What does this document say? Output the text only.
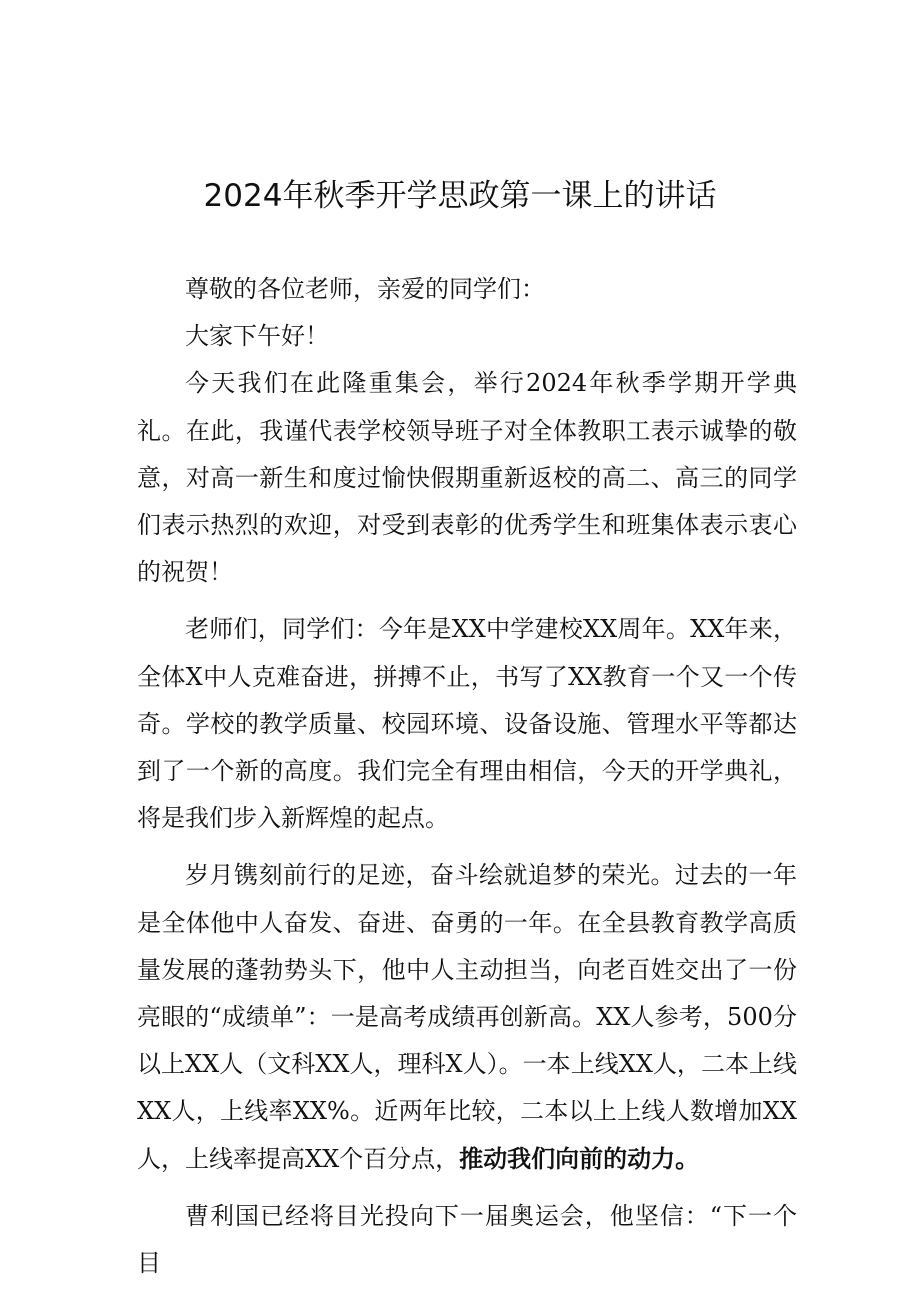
2024年秋季开学思政第一课上的讲话

尊敬的各位老师，亲爱的同学们：

大家下午好！

今天我们在此隆重集会，举行2024年秋季学期开学典礼。在此，我谨代表学校领导班子对全体教职工表示诚挚的敬意，对高一新生和度过愉快假期重新返校的高二、高三的同学们表示热烈的欢迎，对受到表彰的优秀学生和班集体表示衷心的祝贺！

老师们，同学们：今年是XX中学建校XX周年。XX年来，全体X中人克难奋进，拼搏不止，书写了XX教育一个又一个传奇。学校的教学质量、校园环境、设备设施、管理水平等都达到了一个新的高度。我们完全有理由相信，今天的开学典礼，将是我们步入新辉煌的起点。

岁月镌刻前行的足迹，奋斗绘就追梦的荣光。过去的一年是全体他中人奋发、奋进、奋勇的一年。在全县教育教学高质量发展的蓬勃势头下，他中人主动担当，向老百姓交出了一份亮眼的“成绩单”：一是高考成绩再创新高。XX人参考，500分以上XX人（文科XX人，理科X人）。一本上线XX人，二本上线XX人，上线率XX%。近两年比较，二本以上上线人数增加XX人，上线率提高XX个百分点，推动我们向前的动力。

曹利国已经将目光投向下一届奥运会，他坚信：“下一个目
